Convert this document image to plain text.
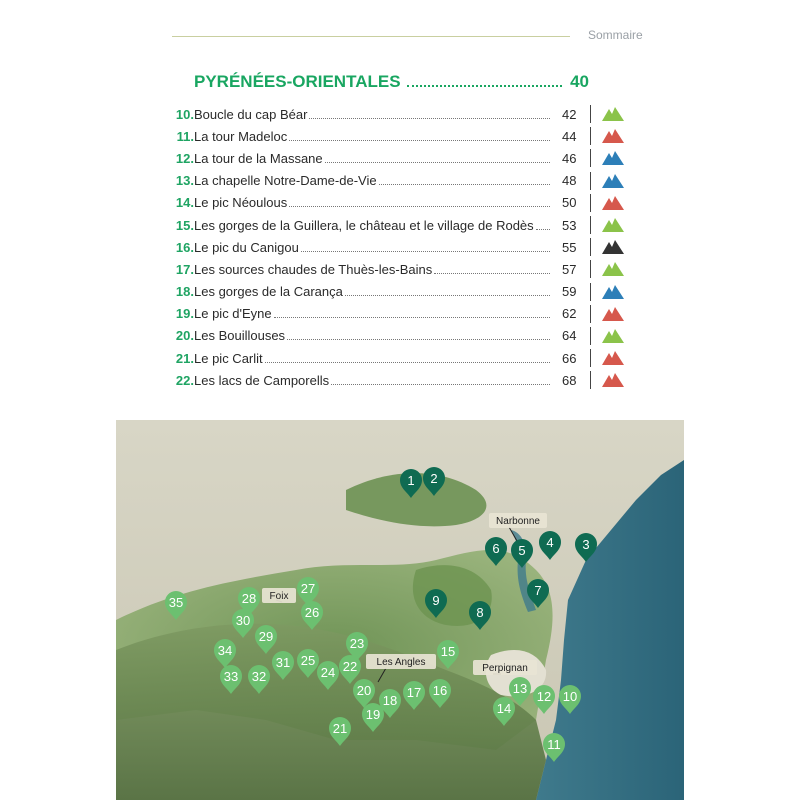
Sommaire
PYRÉNÉES-ORIENTALES	40
10. Boucle du cap Béar	42
11. La tour Madeloc	44
12. La tour de la Massane	46
13. La chapelle Notre-Dame-de-Vie	48
14. Le pic Néoulous	50
15. Les gorges de la Guillera, le château et le village de Rodès 53
16. Le pic du Canigou	55
17. Les sources chaudes de Thuès-les-Bains	57
18. Les gorges de la Carança	59
19. Le pic d'Eyne	62
20. Les Bouillouses	64
21. Le pic Carlit	66
22. Les lacs de Camporells	68
Narbonne
Foix
Les Angles
Perpignan
1 2
3
4
5
6
7
8
9
10
11
12
13
14
15
16
17
18
19
20
21
22
23
24
25
26
27
28
29
30
31
32
33
34
35
